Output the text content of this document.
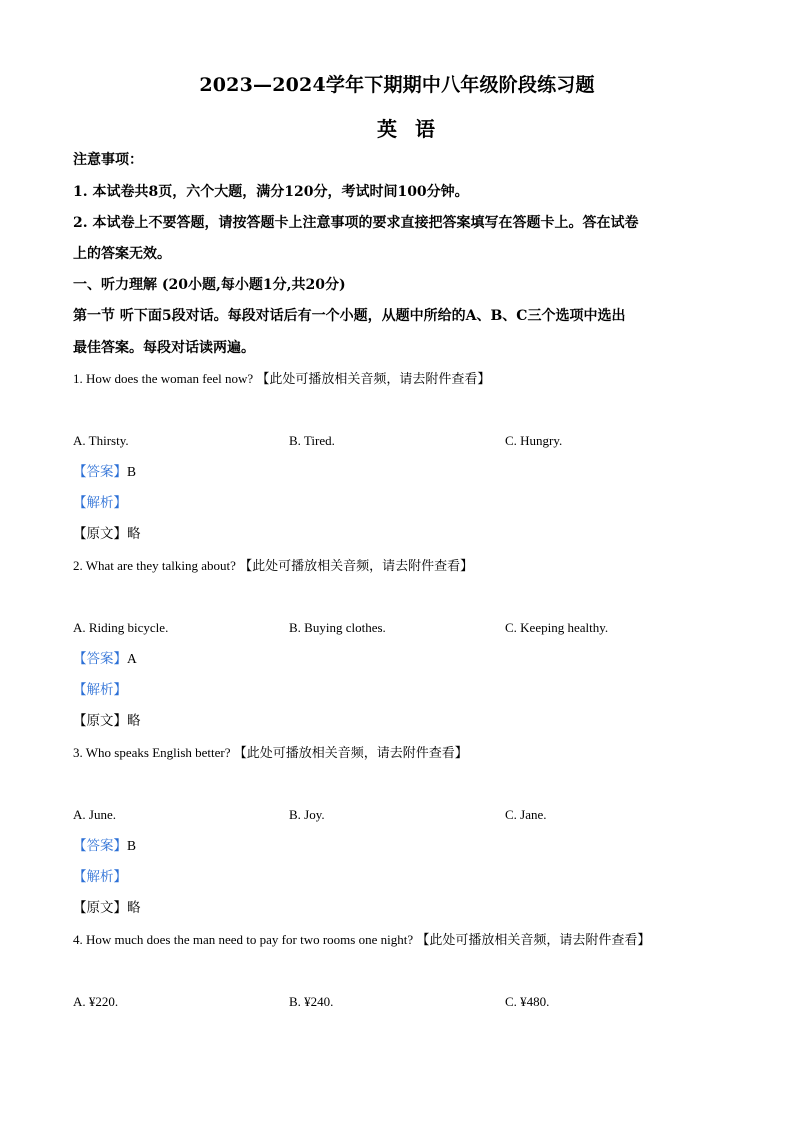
2023—2024学年下期期中八年级阶段练习题
英语
注意事项：
1. 本试卷共8页，六个大题，满分120分，考试时间100分钟。
2. 本试卷上不要答题，请按答题卡上注意事项的要求直接把答案填写在答题卡上。答在试卷
上的答案无效。
一、听力理解 (20小题,每小题1分,共20分)
第一节 听下面5段对话。每段对话后有一个小题，从题中所给的A、B、C三个选项中选出
最佳答案。每段对话读两遍。
1. How does the woman feel now? 【此处可播放相关音频，请去附件查看】
A. Thirsty.	B. Tired.	C. Hungry.
【答案】B
【解析】
【原文】略
2. What are they talking about? 【此处可播放相关音频，请去附件查看】
A. Riding bicycle.	B. Buying clothes.	C. Keeping healthy.
【答案】A
【解析】
【原文】略
3. Who speaks English better? 【此处可播放相关音频，请去附件查看】
A. June.	B. Joy.	C. Jane.
【答案】B
【解析】
【原文】略
4. How much does the man need to pay for two rooms one night? 【此处可播放相关音频，请去附件查看】
A. ¥220.	B. ¥240.	C. ¥480.
